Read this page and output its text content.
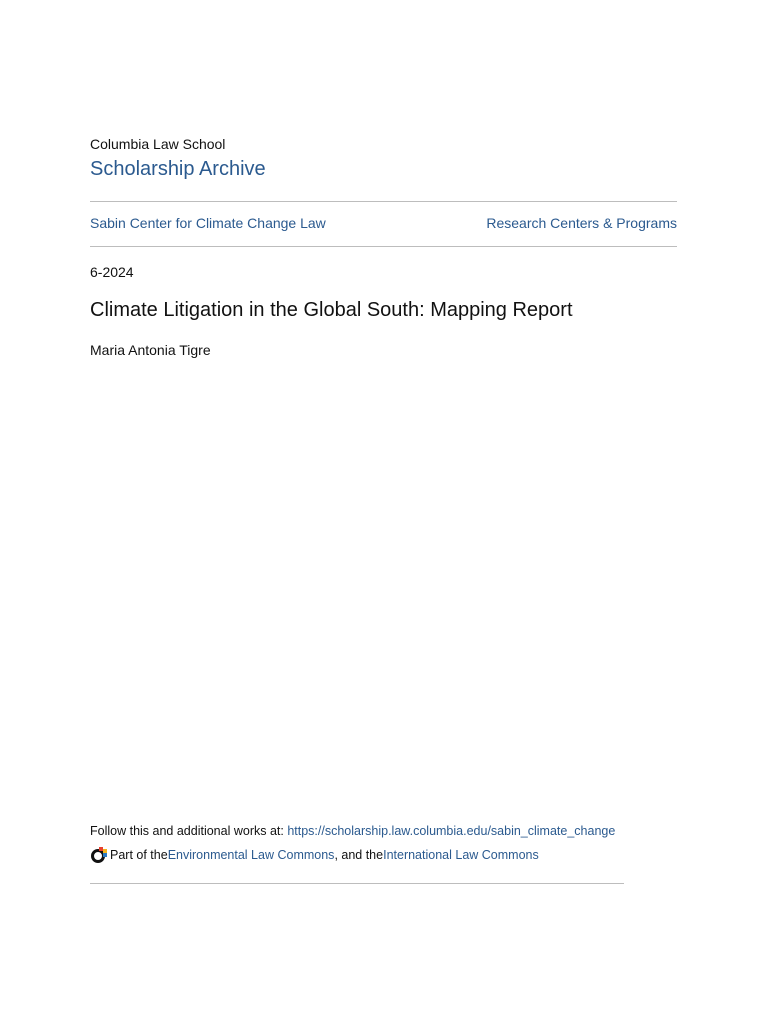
Columbia Law School
Scholarship Archive
Sabin Center for Climate Change Law	Research Centers & Programs
6-2024
Climate Litigation in the Global South: Mapping Report
Maria Antonia Tigre
Follow this and additional works at: https://scholarship.law.columbia.edu/sabin_climate_change
Part of the Environmental Law Commons , and the International Law Commons
